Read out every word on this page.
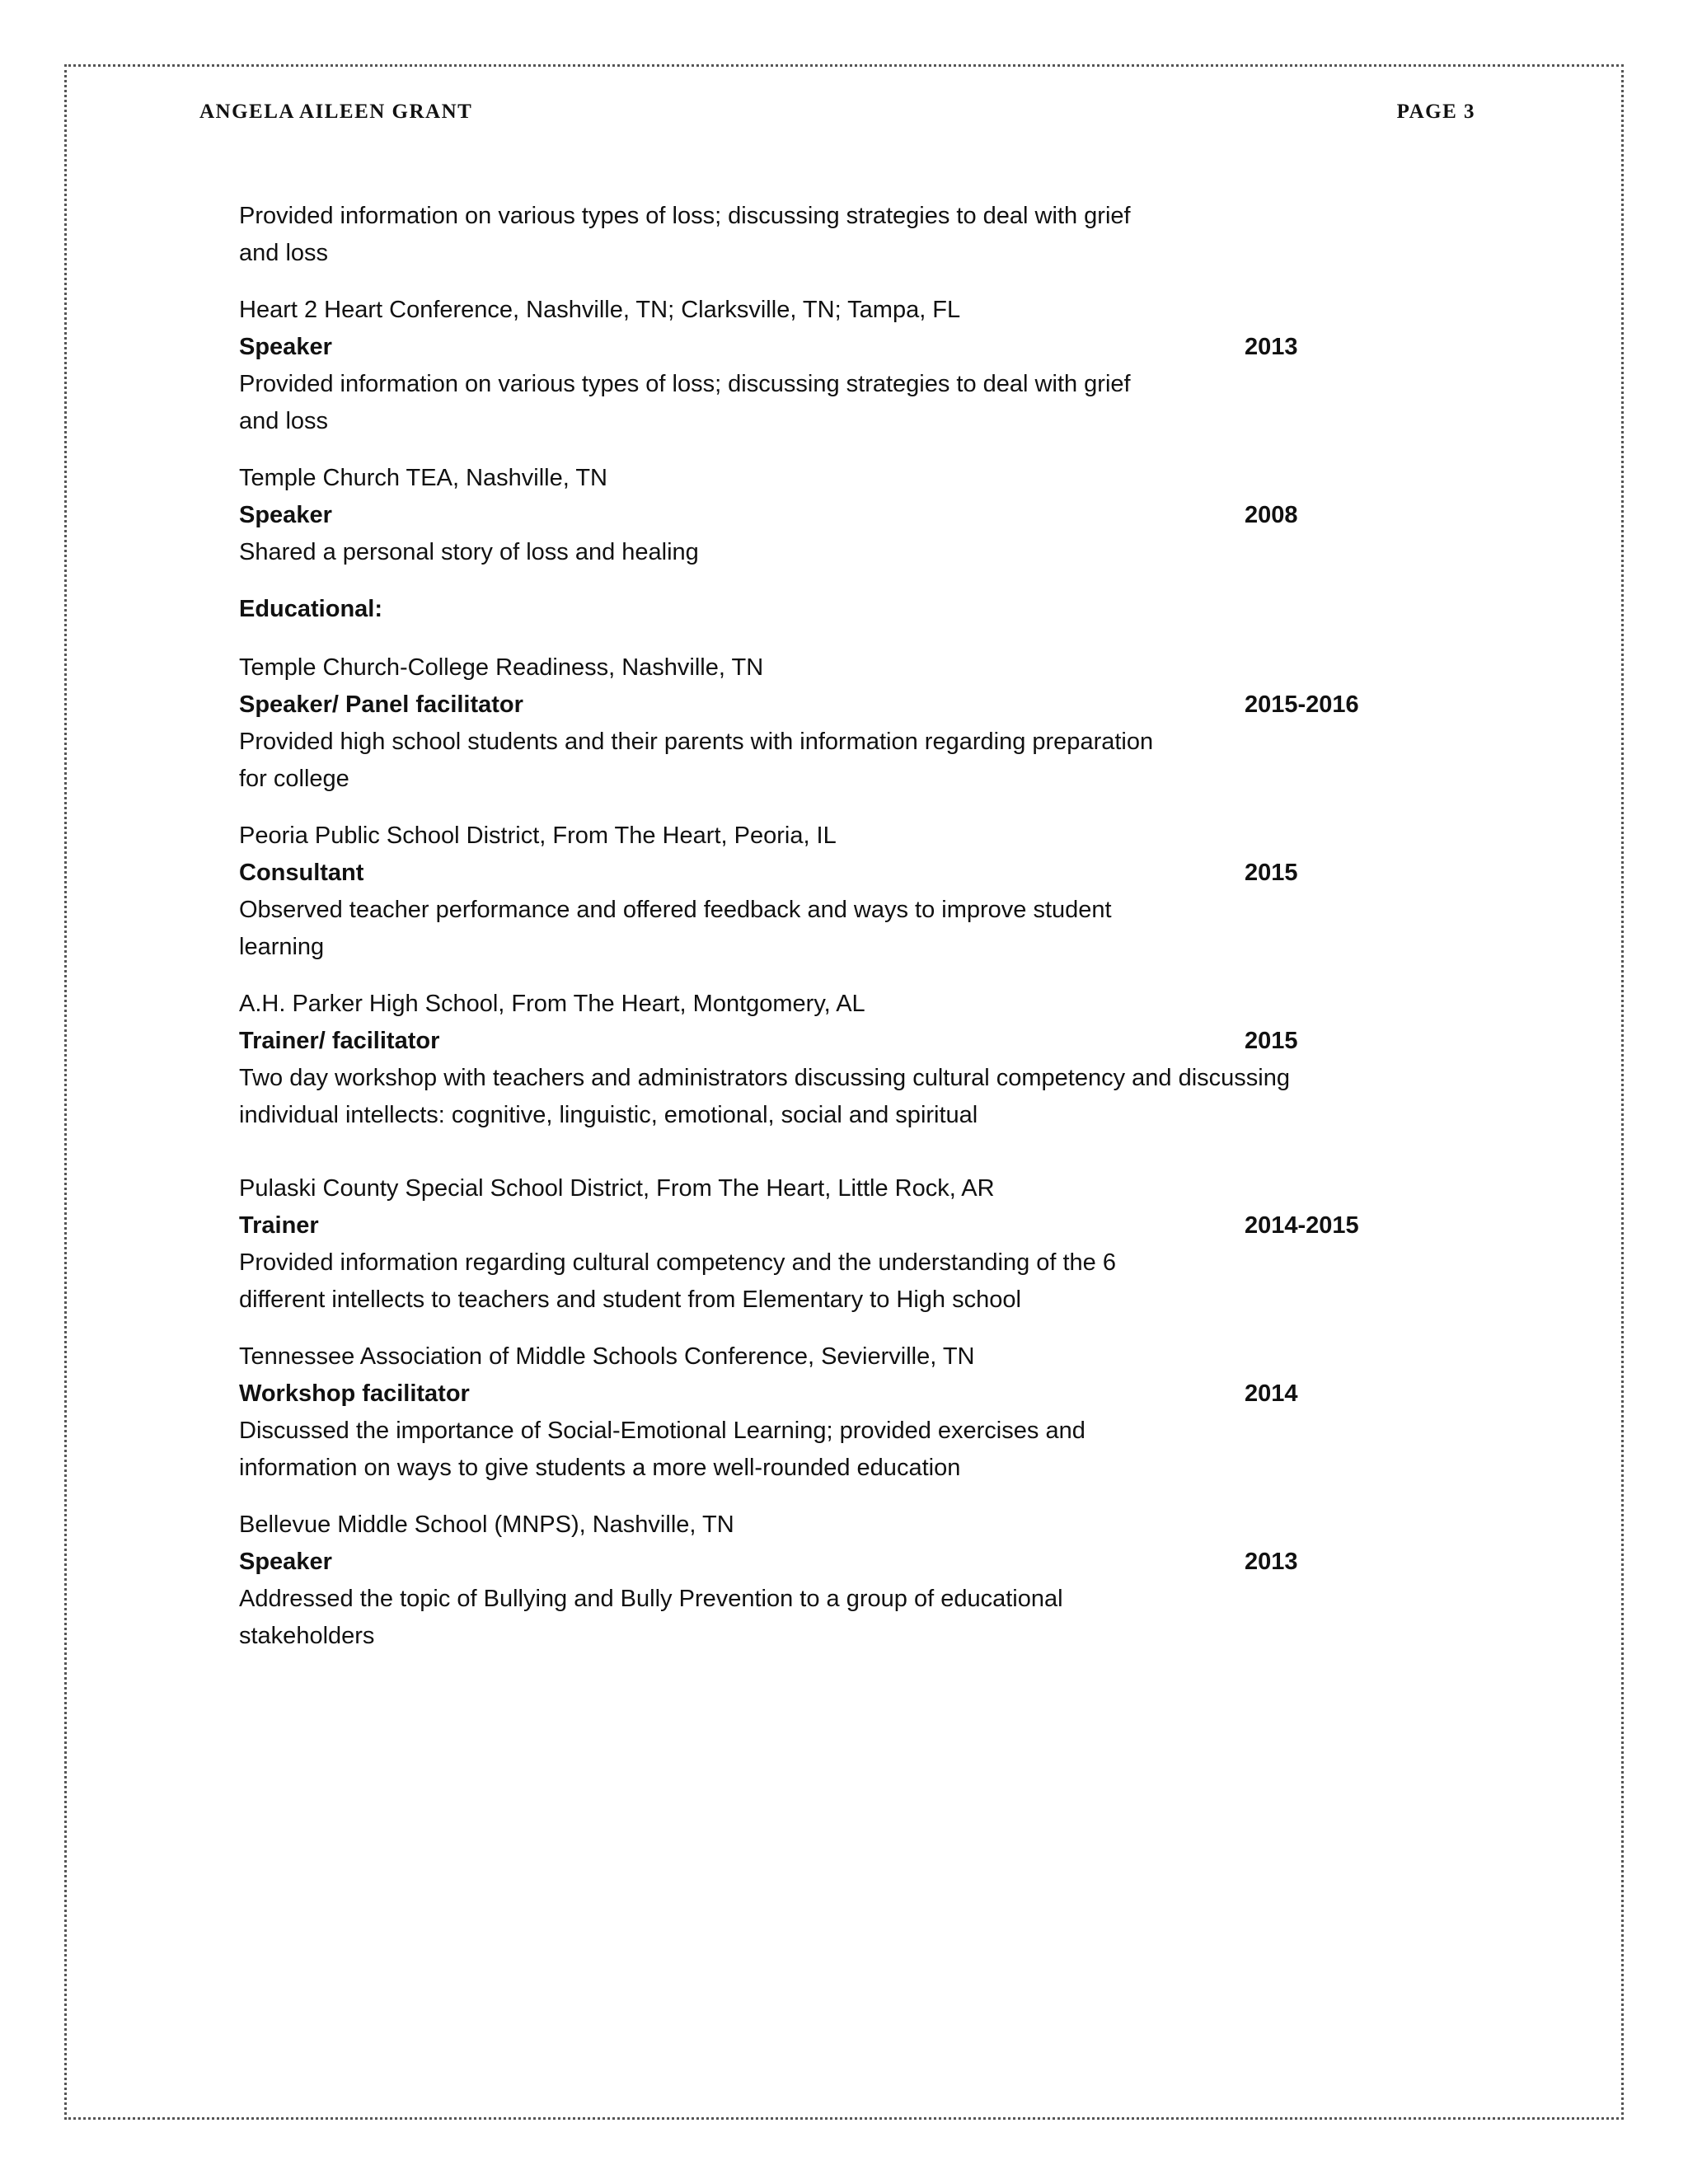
ANGELA AILEEN GRANT	PAGE 3
Provided information on various types of loss; discussing strategies to deal with grief and loss
Heart 2 Heart Conference, Nashville, TN; Clarksville, TN; Tampa, FL
Speaker	2013
Provided information on various types of loss; discussing strategies to deal with grief and loss
Temple Church TEA, Nashville, TN
Speaker	2008
Shared a personal story of loss and healing
Educational:
Temple Church-College Readiness, Nashville, TN
Speaker/ Panel facilitator	2015-2016
Provided high school students and their parents with information regarding preparation for college
Peoria Public School District, From The Heart, Peoria, IL
Consultant	2015
Observed teacher performance and offered feedback and ways to improve student learning
A.H. Parker High School, From The Heart, Montgomery, AL
Trainer/ facilitator	2015
Two day workshop with teachers and administrators discussing cultural competency and discussing individual intellects: cognitive, linguistic, emotional, social and spiritual
Pulaski County Special School District, From The Heart, Little Rock, AR
Trainer	2014-2015
Provided information regarding cultural competency and the understanding of the 6 different intellects to teachers and student from Elementary to High school
Tennessee Association of Middle Schools Conference, Sevierville, TN
Workshop facilitator	2014
Discussed the importance of Social-Emotional Learning; provided exercises and information on ways to give students a more well-rounded education
Bellevue Middle School (MNPS), Nashville, TN
Speaker	2013
Addressed the topic of Bullying and Bully Prevention to a group of educational stakeholders
